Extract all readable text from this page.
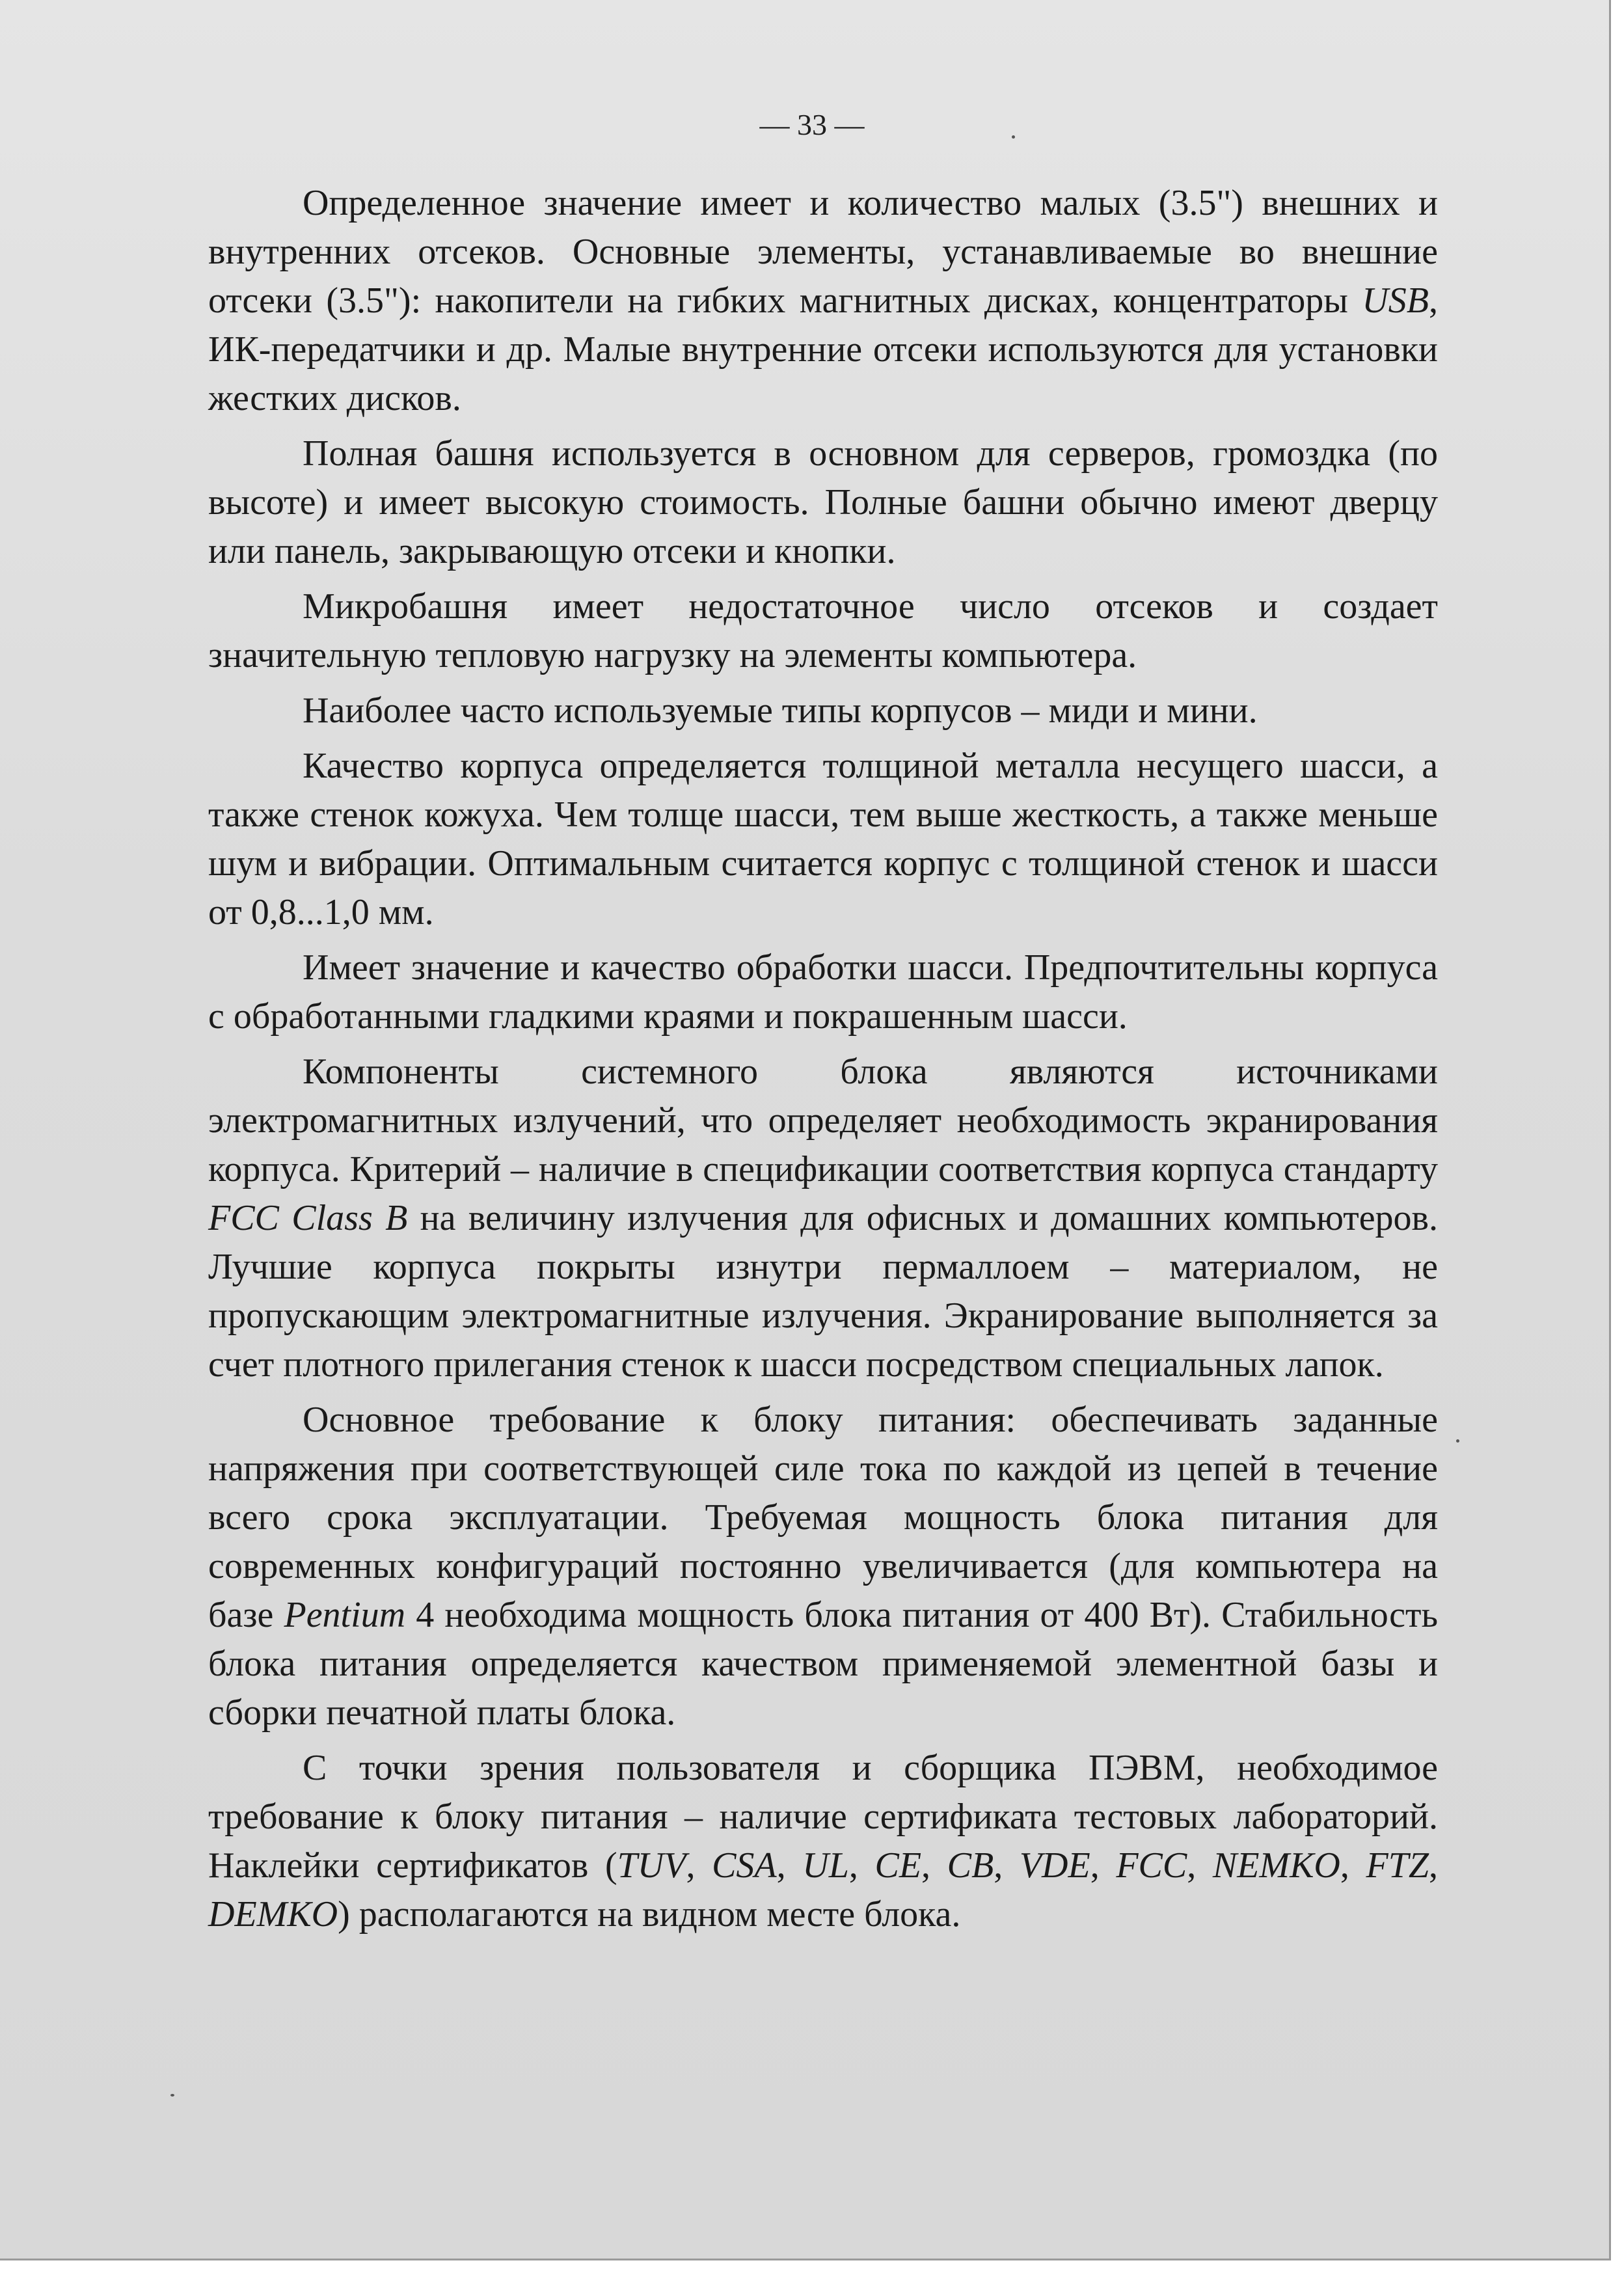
— 33 —

Определенное значение имеет и количество малых (3.5") внешних и внутренних отсеков. Основные элементы, устанавливаемые во внешние отсеки (3.5"): накопители на гибких магнитных дисках, концентраторы USB, ИК-передатчики и др. Малые внутренние отсеки используются для установки жестких дисков.

Полная башня используется в основном для серверов, громоздка (по высоте) и имеет высокую стоимость. Полные башни обычно имеют дверцу или панель, закрывающую отсеки и кнопки.

Микробашня имеет недостаточное число отсеков и создает значительную тепловую нагрузку на элементы компьютера.

Наиболее часто используемые типы корпусов – миди и мини.

Качество корпуса определяется толщиной металла несущего шасси, а также стенок кожуха. Чем толще шасси, тем выше жесткость, а также меньше шум и вибрации. Оптимальным считается корпус с толщиной стенок и шасси от 0,8...1,0 мм.

Имеет значение и качество обработки шасси. Предпочтительны корпуса с обработанными гладкими краями и покрашенным шасси.

Компоненты системного блока являются источниками электромагнитных излучений, что определяет необходимость экранирования корпуса. Критерий – наличие в спецификации соответствия корпуса стандарту FCC Class B на величину излучения для офисных и домашних компьютеров. Лучшие корпуса покрыты изнутри пермаллоем – материалом, не пропускающим электромагнитные излучения. Экранирование выполняется за счет плотного прилегания стенок к шасси посредством специальных лапок.

Основное требование к блоку питания: обеспечивать заданные напряжения при соответствующей силе тока по каждой из цепей в течение всего срока эксплуатации. Требуемая мощность блока питания для современных конфигураций постоянно увеличивается (для компьютера на базе Pentium 4 необходима мощность блока питания от 400 Вт). Стабильность блока питания определяется качеством применяемой элементной базы и сборки печатной платы блока.

С точки зрения пользователя и сборщика ПЭВМ, необходимое требование к блоку питания – наличие сертификата тестовых лабораторий. Наклейки сертификатов (TUV, CSA, UL, CE, CB, VDE, FCC, NEMKO, FTZ, DEMKO) располагаются на видном месте блока.
